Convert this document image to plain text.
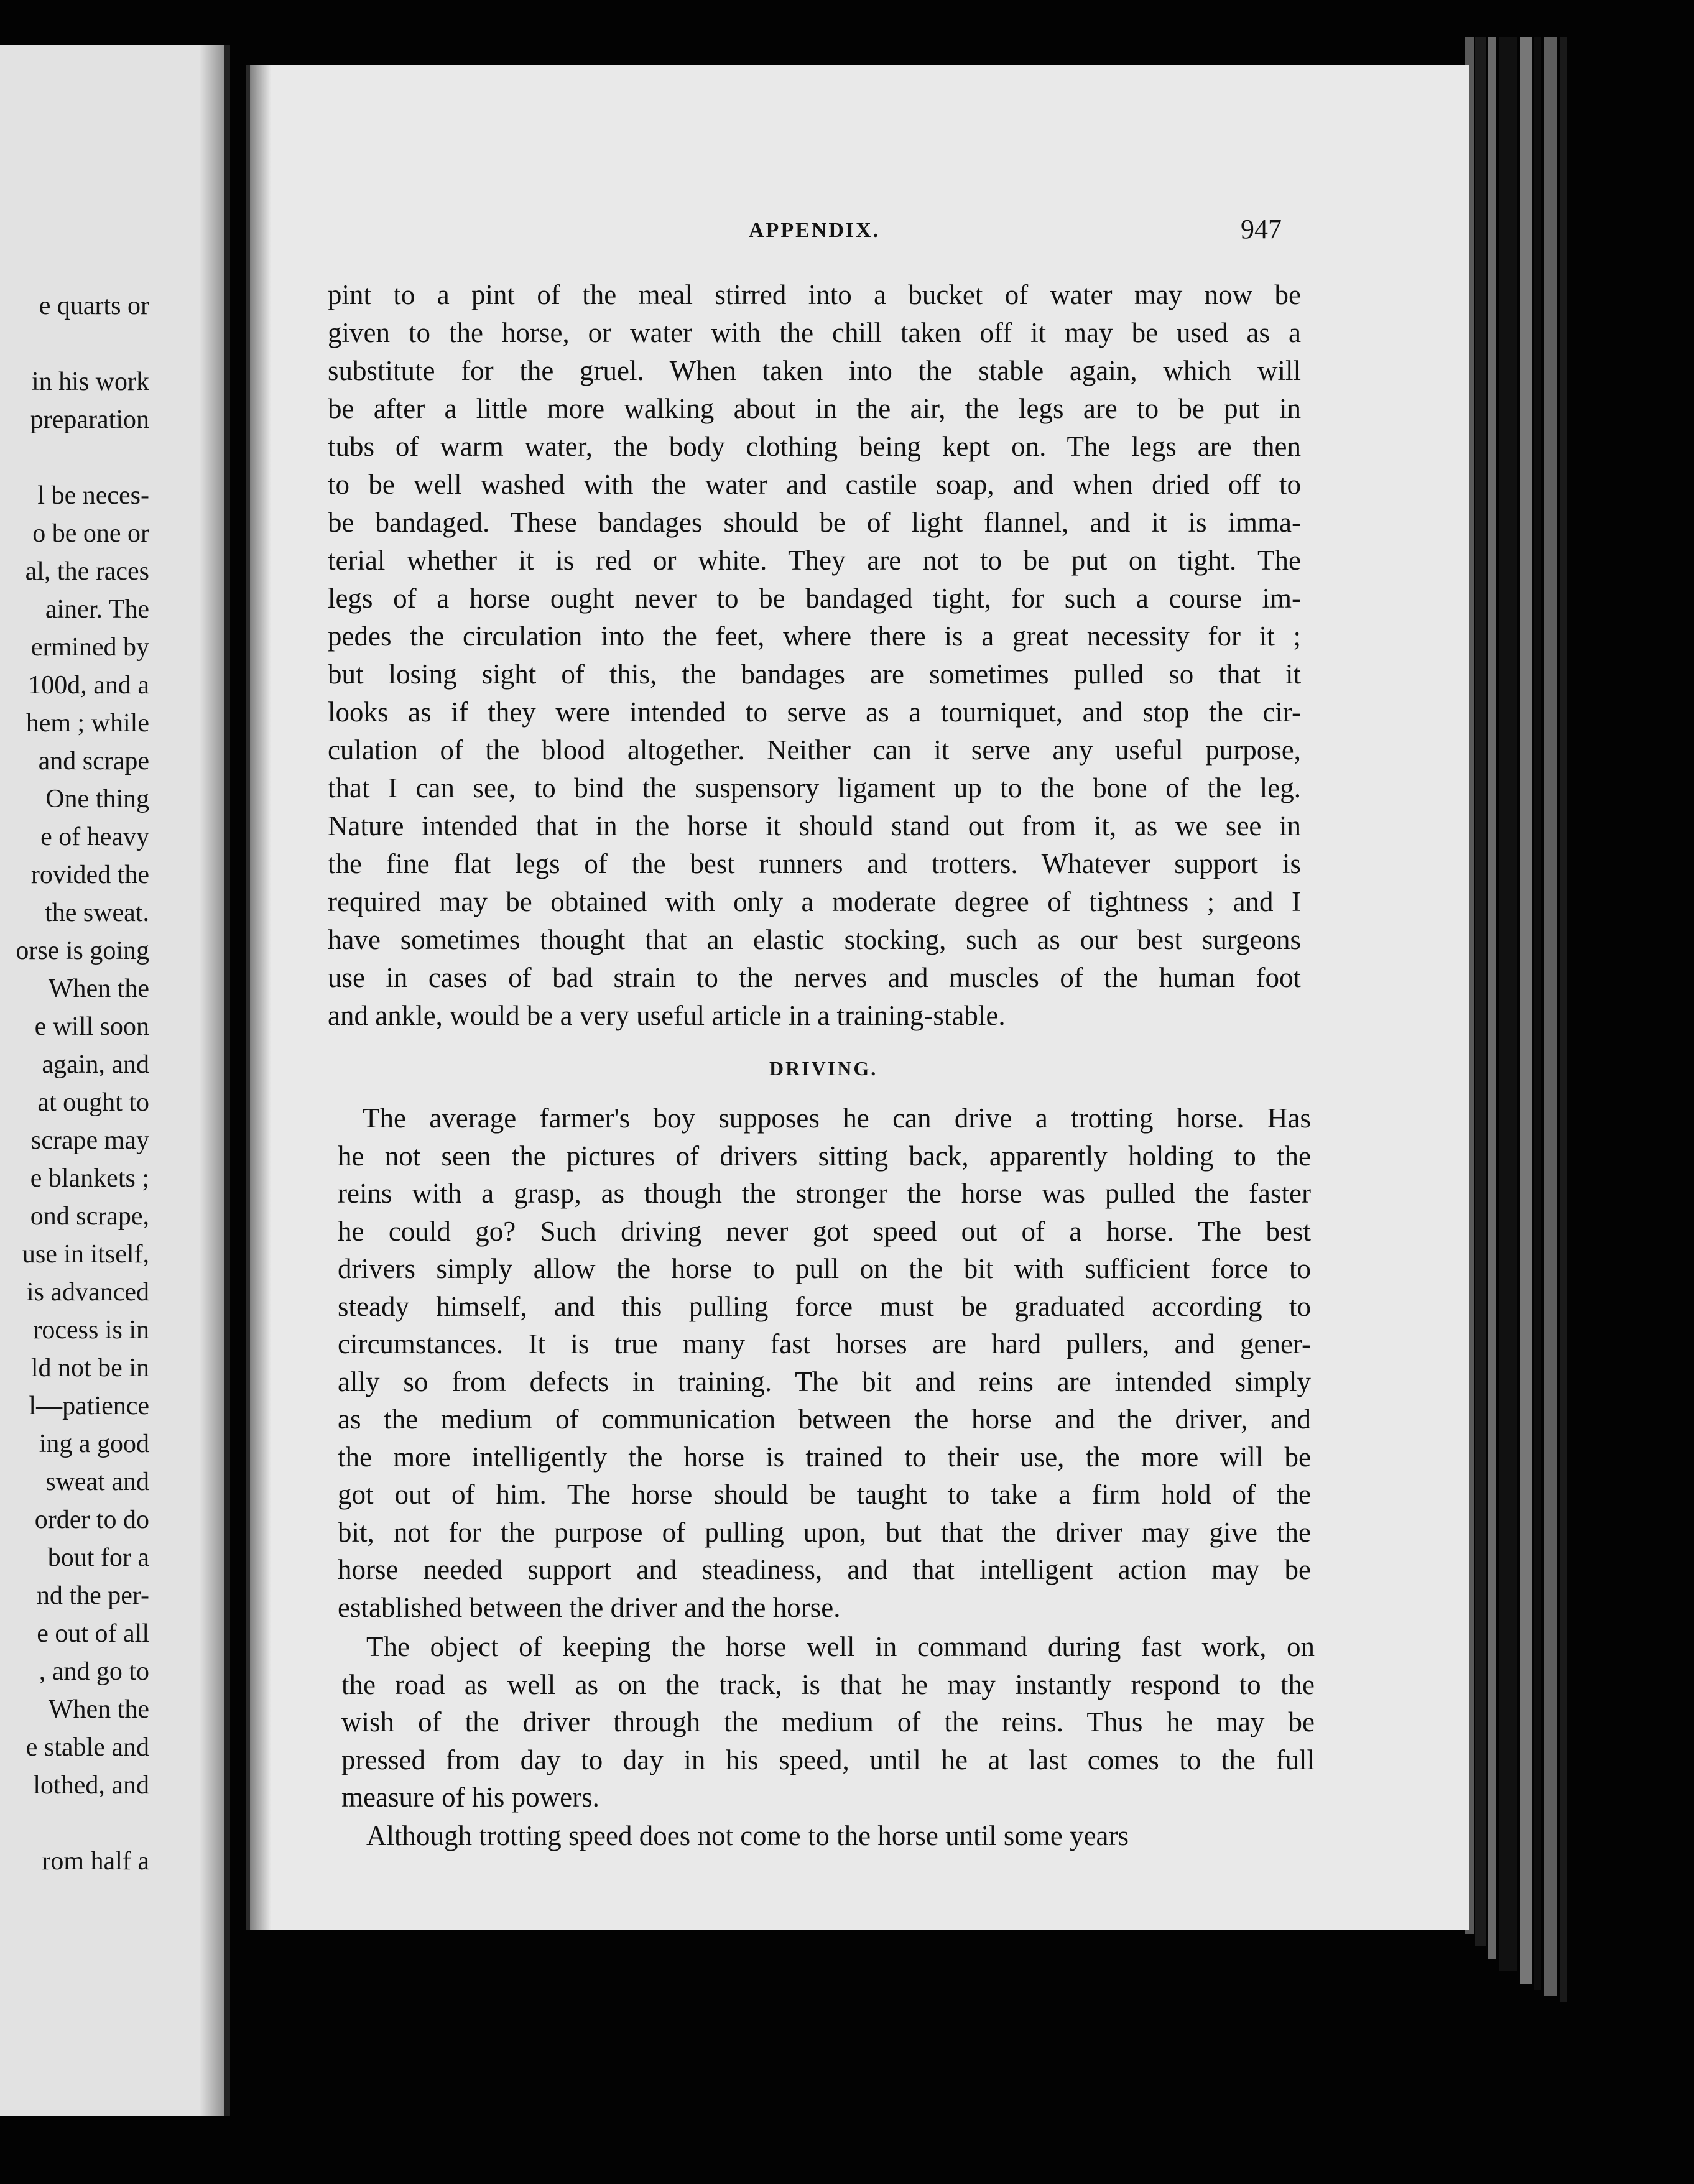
e quarts or
in his work
preparation
l be neces-
o be one or
al, the races
ainer. The
ermined by
100d, and a
hem ; while
and scrape
One thing
e of heavy
rovided the
the sweat.
orse is going
When the
e will soon
again, and
at ought to
scrape may
e blankets ;
ond scrape,
use in itself,
is advanced
rocess is in
ld not be in
l—patience
ing a good
sweat and
order to do
bout for a
nd the per-
e out of all
, and go to
When the
e stable and
lothed, and
rom half a
APPENDIX.	947
pint to a pint of the meal stirred into a bucket of water may now be
given to the horse, or water with the chill taken off it may be used as a
substitute for the gruel. When taken into the stable again, which will
be after a little more walking about in the air, the legs are to be put in
tubs of warm water, the body clothing being kept on. The legs are then
to be well washed with the water and castile soap, and when dried off to
be bandaged. These bandages should be of light flannel, and it is imma-
terial whether it is red or white. They are not to be put on tight. The
legs of a horse ought never to be bandaged tight, for such a course im-
pedes the circulation into the feet, where there is a great necessity for it ;
but losing sight of this, the bandages are sometimes pulled so that it
looks as if they were intended to serve as a tourniquet, and stop the cir-
culation of the blood altogether. Neither can it serve any useful purpose,
that I can see, to bind the suspensory ligament up to the bone of the leg.
Nature intended that in the horse it should stand out from it, as we see in
the fine flat legs of the best runners and trotters. Whatever support is
required may be obtained with only a moderate degree of tightness ; and I
have sometimes thought that an elastic stocking, such as our best surgeons
use in cases of bad strain to the nerves and muscles of the human foot
and ankle, would be a very useful article in a training-stable.
DRIVING.
The average farmer's boy supposes he can drive a trotting horse. Has
he not seen the pictures of drivers sitting back, apparently holding to the
reins with a grasp, as though the stronger the horse was pulled the faster
he could go? Such driving never got speed out of a horse. The best
drivers simply allow the horse to pull on the bit with sufficient force to
steady himself, and this pulling force must be graduated according to
circumstances. It is true many fast horses are hard pullers, and gener-
ally so from defects in training. The bit and reins are intended simply
as the medium of communication between the horse and the driver, and
the more intelligently the horse is trained to their use, the more will be
got out of him. The horse should be taught to take a firm hold of the
bit, not for the purpose of pulling upon, but that the driver may give the
horse needed support and steadiness, and that intelligent action may be
established between the driver and the horse.
The object of keeping the horse well in command during fast work, on
the road as well as on the track, is that he may instantly respond to the
wish of the driver through the medium of the reins. Thus he may be
pressed from day to day in his speed, until he at last comes to the full
measure of his powers.
Although trotting speed does not come to the horse until some years
